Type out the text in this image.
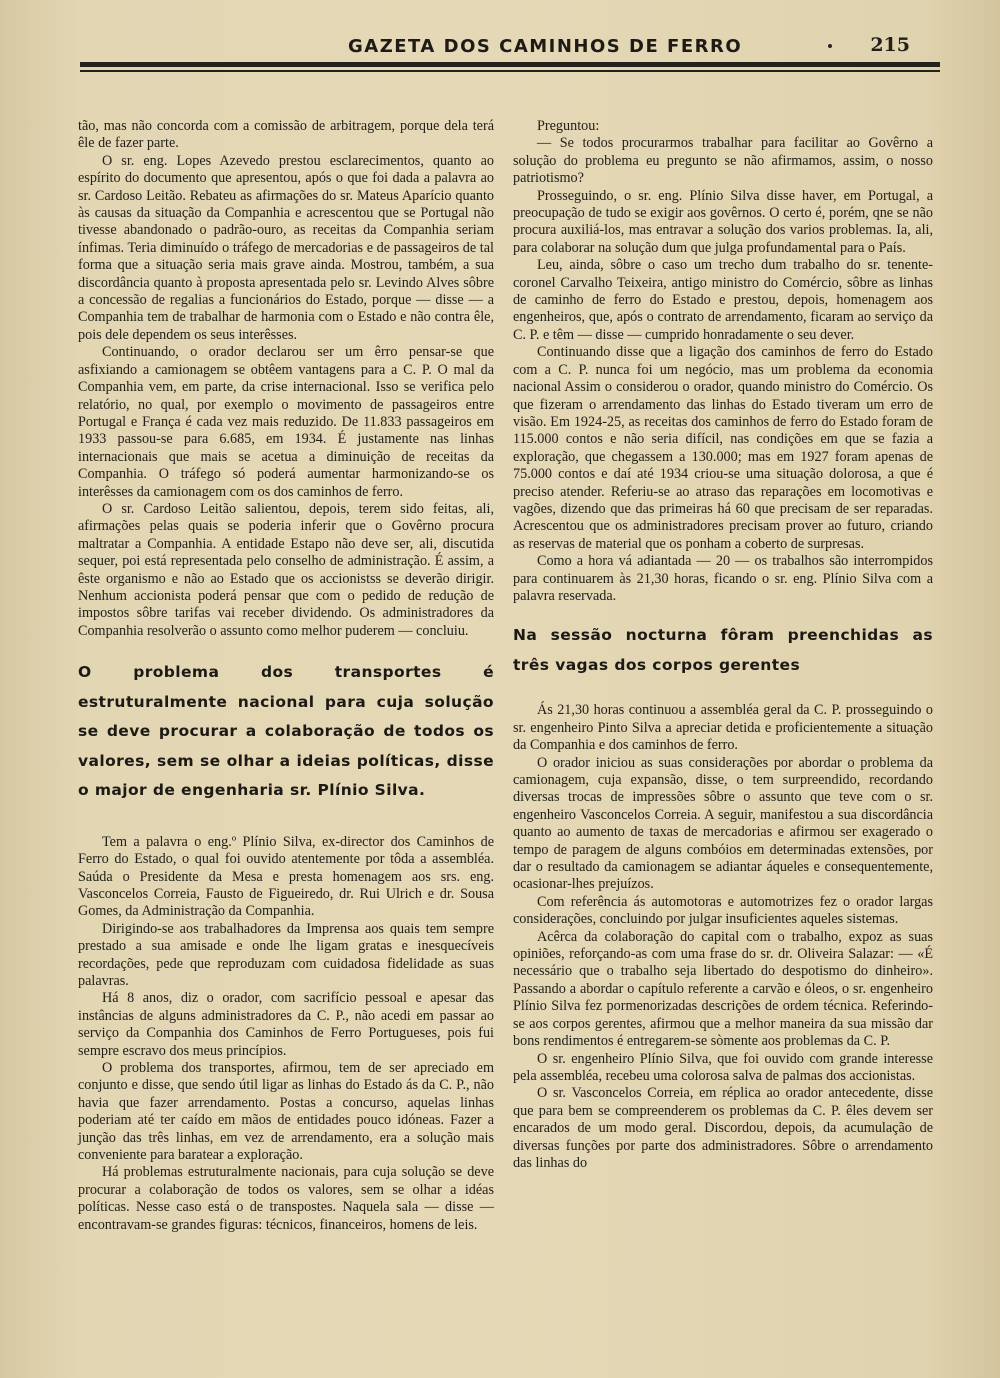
GAZETA DOS CAMINHOS DE FERRO	215

tão, mas não concorda com a comissão de arbitragem, porque dela terá êle de fazer parte.

O sr. eng. Lopes Azevedo prestou esclarecimentos, quanto ao espírito do documento que apresentou, após o que foi dada a palavra ao sr. Cardoso Leitão. Rebateu as afirmações do sr. Mateus Aparício quanto às causas da situação da Companhia e acrescentou que se Portugal não tivesse abandonado o padrão-ouro, as receitas da Companhia seriam ínfimas. Teria diminuído o tráfego de mercadorias e de passageiros de tal forma que a situação seria mais grave ainda. Mostrou, também, a sua discordância quanto à proposta apresentada pelo sr. Levindo Alves sôbre a concessão de regalias a funcionários do Estado, porque — disse — a Companhia tem de trabalhar de harmonia com o Estado e não contra êle, pois dele dependem os seus interêsses.

Continuando, o orador declarou ser um êrro pensar-se que asfixiando a camionagem se obtêem vantagens para a C. P. O mal da Companhia vem, em parte, da crise internacional. Isso se verifica pelo relatório, no qual, por exemplo o movimento de passageiros entre Portugal e França é cada vez mais reduzido. De 11.833 passageiros em 1933 passou-se para 6.685, em 1934. É justamente nas linhas internacionais que mais se acetua a diminuição de receitas da Companhia. O tráfego só poderá aumentar harmonizando-se os interêsses da camionagem com os dos caminhos de ferro.

O sr. Cardoso Leitão salientou, depois, terem sido feitas, ali, afirmações pelas quais se poderia inferir que o Govêrno procura maltratar a Companhia. A entidade Estapo não deve ser, ali, discutida sequer, poi está representada pelo conselho de administração. É assim, a êste organismo e não ao Estado que os accionistss se deverão dirigir. Nenhum accionista poderá pensar que com o pedido de redução de impostos sôbre tarifas vai receber dividendo. Os administradores da Companhia resolverão o assunto como melhor puderem — concluiu.

O problema dos transportes é estruturalmente nacional para cuja solução se deve procurar a colaboração de todos os valores, sem se olhar a ideias políticas, disse o major de engenharia sr. Plínio Silva.

Tem a palavra o eng.º Plínio Silva, ex-director dos Caminhos de Ferro do Estado, o qual foi ouvido atentemente por tôda a assembléa. Saúda o Presidente da Mesa e presta homenagem aos srs. eng. Vasconcelos Correia, Fausto de Figueiredo, dr. Rui Ulrich e dr. Sousa Gomes, da Administração da Companhia.

Dirigindo-se aos trabalhadores da Imprensa aos quais tem sempre prestado a sua amisade e onde lhe ligam gratas e inesquecíveis recordações, pede que reproduzam com cuidadosa fidelidade as suas palavras.

Há 8 anos, diz o orador, com sacrifício pessoal e apesar das instâncias de alguns administradores da C. P., não acedi em passar ao serviço da Companhia dos Caminhos de Ferro Portugueses, pois fui sempre escravo dos meus princípios.

O problema dos transportes, afirmou, tem de ser apreciado em conjunto e disse, que sendo útil ligar as linhas do Estado ás da C. P., não havia que fazer arrendamento. Postas a concurso, aquelas linhas poderiam até ter caído em mãos de entidades pouco idóneas. Fazer a junção das três linhas, em vez de arrendamento, era a solução mais conveniente para baratear a exploração.

Há problemas estruturalmente nacionais, para cuja solução se deve procurar a colaboração de todos os valores, sem se olhar a idéas políticas. Nesse caso está o de transpostes. Naquela sala — disse — encontravam-se grandes figuras: técnicos, financeiros, homens de leis.

Preguntou:

— Se todos procurarmos trabalhar para facilitar ao Govêrno a solução do problema eu pregunto se não afirmamos, assim, o nosso patriotismo?

Prosseguindo, o sr. eng. Plínio Silva disse haver, em Portugal, a preocupação de tudo se exigir aos govêrnos. O certo é, porém, qne se não procura auxiliá-los, mas entravar a solução dos varios problemas. Ia, ali, para colaborar na solução dum que julga profundamental para o País.

Leu, ainda, sôbre o caso um trecho dum trabalho do sr. tenente-coronel Carvalho Teixeira, antigo ministro do Comércio, sôbre as linhas de caminho de ferro do Estado e prestou, depois, homenagem aos engenheiros, que, após o contrato de arrendamento, ficaram ao serviço da C. P. e têm — disse — cumprido honradamente o seu dever.

Continuando disse que a ligação dos caminhos de ferro do Estado com a C. P. nunca foi um negócio, mas um problema da economia nacional Assim o considerou o orador, quando ministro do Comércio. Os que fizeram o arrendamento das linhas do Estado tiveram um erro de visão. Em 1924-25, as receitas dos caminhos de ferro do Estado foram de 115.000 contos e não seria difícil, nas condições em que se fazia a exploração, que chegassem a 130.000; mas em 1927 foram apenas de 75.000 contos e daí até 1934 criou-se uma situação dolorosa, a que é preciso atender. Referiu-se ao atraso das reparações em locomotivas e vagões, dizendo que das primeiras há 60 que precisam de ser reparadas. Acrescentou que os administradores precisam prover ao futuro, criando as reservas de material que os ponham a coberto de surpresas.

Como a hora vá adiantada — 20 — os trabalhos são interrompidos para continuarem às 21,30 horas, ficando o sr. eng. Plínio Silva com a palavra reservada.

Na sessão nocturna fôram preenchidas as três vagas dos corpos gerentes

Ás 21,30 horas continuou a assembléa geral da C. P. prosseguindo o sr. engenheiro Pinto Silva a apreciar detida e proficientemente a situação da Companhia e dos caminhos de ferro.

O orador iniciou as suas considerações por abordar o problema da camionagem, cuja expansão, disse, o tem surpreendido, recordando diversas trocas de impressões sôbre o assunto que teve com o sr. engenheiro Vasconcelos Correia. A seguir, manifestou a sua discordância quanto ao aumento de taxas de mercadorias e afirmou ser exagerado o tempo de paragem de alguns combóios em determinadas extensões, por dar o resultado da camionagem se adiantar áqueles e consequentemente, ocasionar-lhes prejuízos.

Com referência ás automotoras e automotrizes fez o orador largas considerações, concluindo por julgar insuficientes aqueles sistemas.

Acêrca da colaboração do capital com o trabalho, expoz as suas opiniões, reforçando-as com uma frase do sr. dr. Oliveira Salazar: — «É necessário que o trabalho seja libertado do despotismo do dinheiro». Passando a abordar o capítulo referente a carvão e óleos, o sr. engenheiro Plínio Silva fez pormenorizadas descrições de ordem técnica. Referindo-se aos corpos gerentes, afirmou que a melhor maneira da sua missão dar bons rendimentos é entregarem-se sòmente aos problemas da C. P.

O sr. engenheiro Plínio Silva, que foi ouvido com grande interesse pela assembléa, recebeu uma colorosa salva de palmas dos accionistas.

O sr. Vasconcelos Correia, em réplica ao orador antecedente, disse que para bem se compreenderem os problemas da C. P. êles devem ser encarados de um modo geral. Discordou, depois, da acumulação de diversas funções por parte dos administradores. Sôbre o arrendamento das linhas do
